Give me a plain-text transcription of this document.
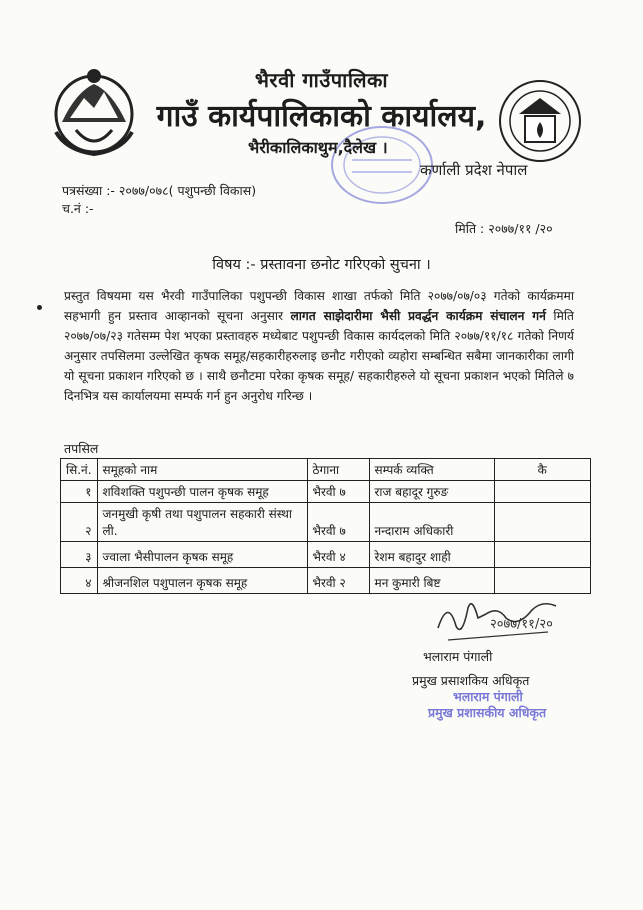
भैरवी गाउँपालिका
गाउँ कार्यपालिकाको कार्यालय,
भैरीकालिकाथुम,दैलेख ।
कर्णाली प्रदेश नेपाल
पत्रसंख्या :- २०७७/०७८( पशुपन्छी विकास)
च.नं :-
मिति : २०७७/११ /२०
विषय :- प्रस्तावना छनोट गरिएको सुचना ।
प्रस्तुत विषयमा यस भैरवी गाउँपालिका पशुपन्छी विकास शाखा तर्फको मिति २०७७/०७/०३ गतेको कार्यक्रममा सहभागी हुन प्रस्ताव आव्हानको सूचना अनुसार लागत साझेदारीमा भैसी प्रवर्द्धन कार्यक्रम संचालन गर्न मिति २०७७/०७/२३ गतेसम्म पेश भएका प्रस्तावहरु मध्येबाट पशुपन्छी विकास कार्यदलको मिति २०७७/११/१८ गतेको निणर्य अनुसार तपसिलमा उल्लेखित कृषक समूह/सहकारीहरुलाइ छनौट गरीएको व्यहोरा सम्बन्धित सबैमा जानकारीका लागी यो सूचना प्रकाशन गरिएको छ । साथै छनौटमा परेका कृषक समूह/ सहकारीहरुले यो सूचना प्रकाशन भएको मितिले ७ दिनभित्र यस कार्यालयमा सम्पर्क गर्न हुन अनुरोध गरिन्छ ।
तपसिल
सि.नं.	समूहको नाम	ठेगाना	सम्पर्क व्यक्ति	कै
१	शविशक्ति पशुपन्छी पालन कृषक समूह	भैरवी ७	राज बहादूर गुरुङ	
२	जनमुखी कृषी तथा पशुपालन सहकारी संस्था ली.	भैरवी ७	नन्दाराम अधिकारी	
३	ज्वाला भैसीपालन कृषक समूह	भैरवी ४	रेशम बहादुर शाही	
४	श्रीजनशिल पशुपालन कृषक समूह	भैरवी २	मन कुमारी बिष्ट	
२०७७/११/२०
भलाराम पंगाली
प्रमुख प्रसाशकिय अधिकृत
भलाराम पंगाली
प्रमुख प्रशासकीय अधिकृत
